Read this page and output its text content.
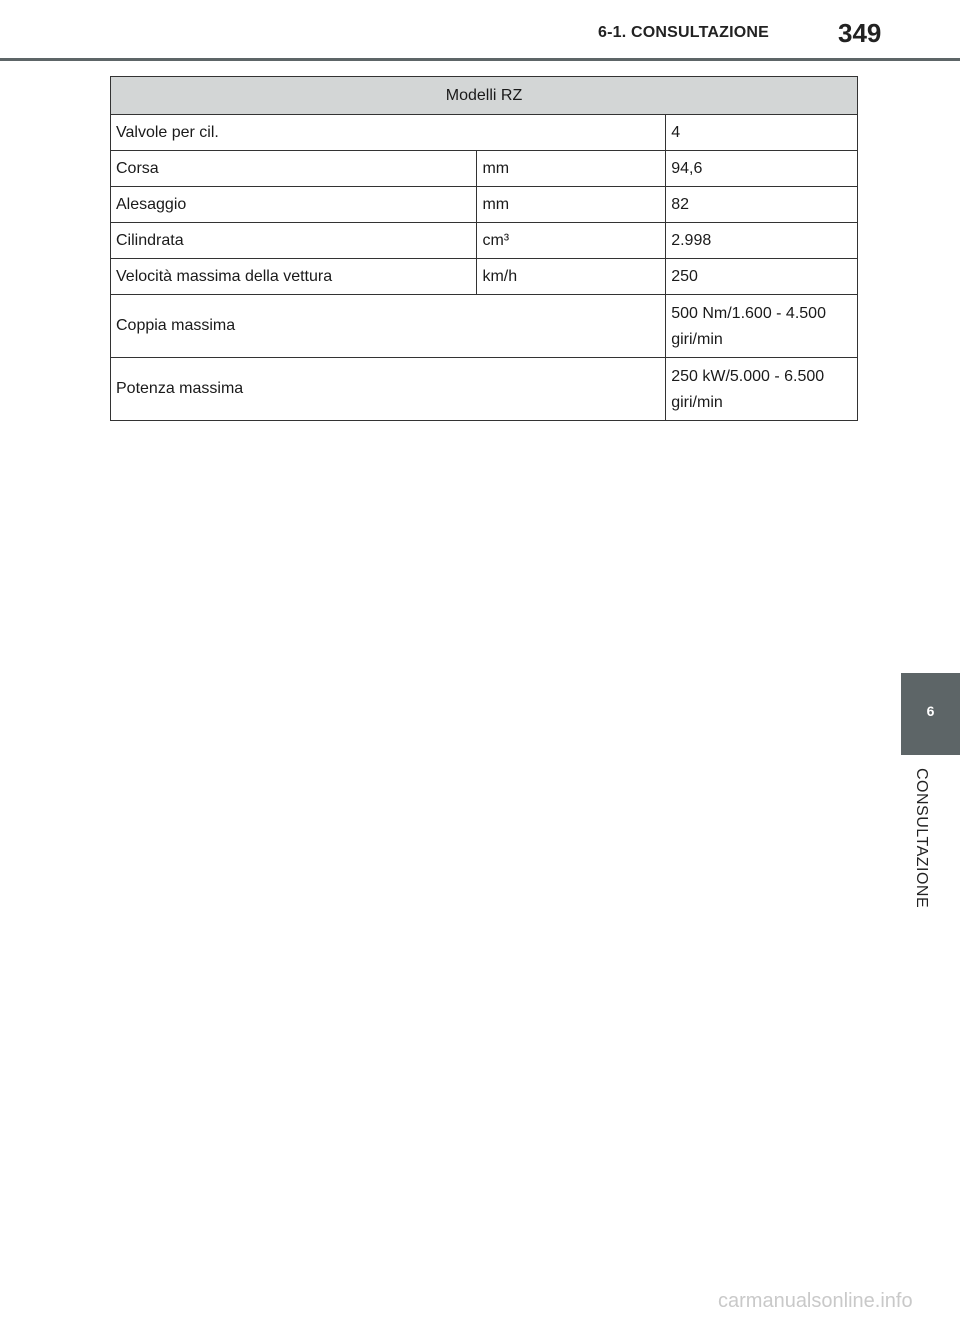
6-1. CONSULTAZIONE	349
Modelli RZ		
Valvole per cil.		4
Corsa	mm	94,6
Alesaggio	mm	82
Cilindrata	cm³	2.998
Velocità massima della vettura	km/h	250
Coppia massima		500 Nm/1.600 - 4.500
giri/min

Potenza massima		250 kW/5.000 - 6.500
giri/min
6
CONSULTAZIONE
carmanualsonline.info
